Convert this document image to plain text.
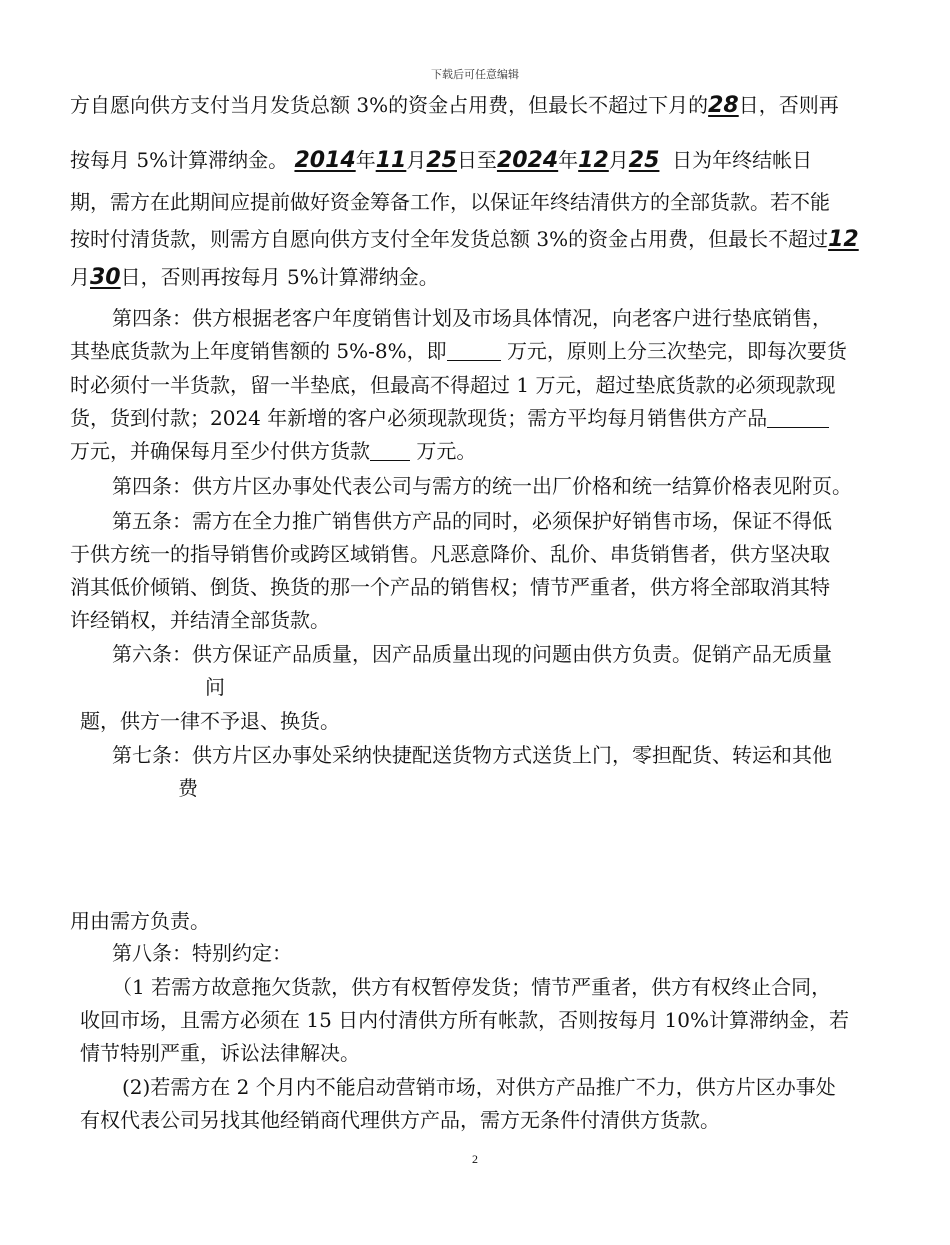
下载后可任意编辑
方自愿向供方支付当月发货总额 3%的资金占用费，但最长不超过下月的28日，否则再
按每月 5%计算滞纳金。 2014年11月25日至2024年12月25 日为年终结帐日
期，需方在此期间应提前做好资金筹备工作，以保证年终结清供方的全部货款。若不能
按时付清货款，则需方自愿向供方支付全年发货总额 3%的资金占用费，但最长不超过12
月30日，否则再按每月 5%计算滞纳金。
第四条：供方根据老客户年度销售计划及市场具体情况，向老客户进行垫底销售，
其垫底货款为上年度销售额的 5%-8%，即	万元，原则上分三次垫完，即每次要货
时必须付一半货款，留一半垫底，但最高不得超过 1 万元，超过垫底货款的必须现款现
货，货到付款；2024 年新增的客户必须现款现货；需方平均每月销售供方产品
万元，并确保每月至少付供方货款 万元。
第四条：供方片区办事处代表公司与需方的统一出厂价格和统一结算价格表见附页。
第五条：需方在全力推广销售供方产品的同时，必须保护好销售市场，保证不得低
于供方统一的指导销售价或跨区域销售。凡恶意降价、乱价、串货销售者，供方坚决取
消其低价倾销、倒货、换货的那一个产品的销售权；情节严重者，供方将全部取消其特
许经销权，并结清全部货款。
第六条：供方保证产品质量，因产品质量出现的问题由供方负责。促销产品无质量
问
题，供方一律不予退、换货。
第七条：供方片区办事处采纳快捷配送货物方式送货上门，零担配货、转运和其他
费
用由需方负责。
第八条：特别约定：
（1 若需方故意拖欠货款，供方有权暂停发货；情节严重者，供方有权终止合同，
收回市场，且需方必须在 15 日内付清供方所有帐款，否则按每月 10%计算滞纳金，若
情节特别严重，诉讼法律解决。
(2)若需方在 2 个月内不能启动营销市场，对供方产品推广不力，供方片区办事处
有权代表公司另找其他经销商代理供方产品，需方无条件付清供方货款。
2
